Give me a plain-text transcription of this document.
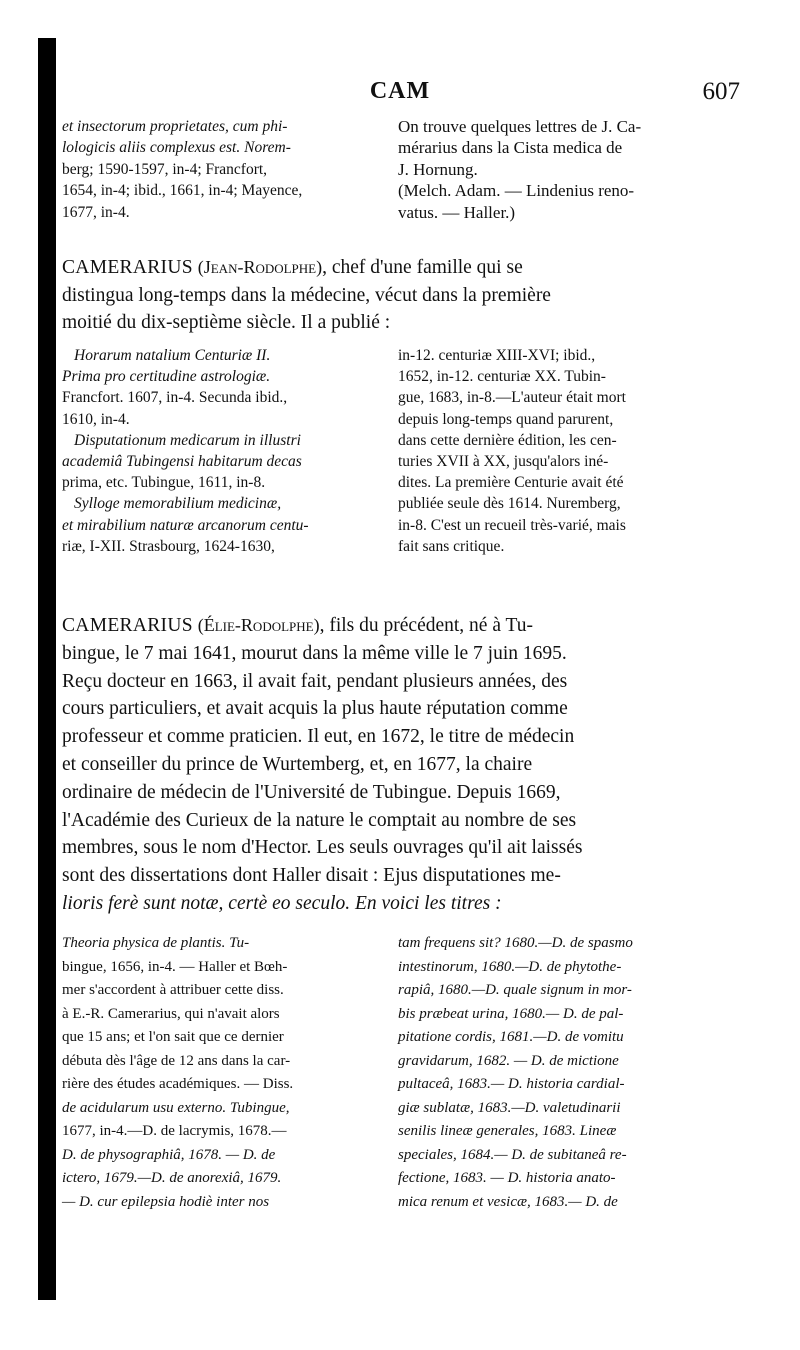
CAM	607
et insectorum proprietates, cum phi-
lologicis aliis complexus est. Norem-
berg; 1590-1597, in-4; Francfort,
1654, in-4; ibid., 1661, in-4; Mayence,
1677, in-4.
On trouve quelques lettres de J. Ca-
mérarius dans la Cista medica de
J. Hornung.
(Melch. Adam. — Lindenius reno-
vatus. — Haller.)

CAMERARIUS (Jean-Rodolphe), chef d'une famille qui se
distingua long-temps dans la médecine, vécut dans la première
moitié du dix-septième siècle. Il a publié :

Horarum natalium Centuriæ II.

Prima pro certitudine astrologiæ.

Francfort. 1607, in-4. Secunda ibid.,

1610, in-4.

Disputationum medicarum in illustri

academiâ Tubingensi habitarum decas

prima, etc. Tubingue, 1611, in-8.

Sylloge memorabilium medicinæ,

et mirabilium naturæ arcanorum centu-

riæ, I-XII. Strasbourg, 1624-1630,

in-12. centuriæ XIII-XVI; ibid.,
1652, in-12. centuriæ XX. Tubin-
gue, 1683, in-8.—L'auteur était mort
depuis long-temps quand parurent,
dans cette dernière édition, les cen-
turies XVII à XX, jusqu'alors iné-
dites. La première Centurie avait été
publiée seule dès 1614. Nuremberg,
in-8. C'est un recueil très-varié, mais
fait sans critique.

CAMERARIUS (Élie-Rodolphe), fils du précédent, né à Tu-
bingue, le 7 mai 1641, mourut dans la même ville le 7 juin 1695.
Reçu docteur en 1663, il avait fait, pendant plusieurs années, des
cours particuliers, et avait acquis la plus haute réputation comme
professeur et comme praticien. Il eut, en 1672, le titre de médecin
et conseiller du prince de Wurtemberg, et, en 1677, la chaire
ordinaire de médecin de l'Université de Tubingue. Depuis 1669,
l'Académie des Curieux de la nature le comptait au nombre de ses
membres, sous le nom d'Hector. Les seuls ouvrages qu'il ait laissés
sont des dissertations dont Haller disait : Ejus disputationes me-
lioris ferè sunt notæ, certè eo seculo. En voici les titres :

Theoria physica de plantis. Tu-
bingue, 1656, in-4. — Haller et Bœh-
mer s'accordent à attribuer cette diss.
à E.-R. Camerarius, qui n'avait alors
que 15 ans; et l'on sait que ce dernier
débuta dès l'âge de 12 ans dans la car-
rière des études académiques. — Diss.
de acidularum usu externo. Tubingue,
1677, in-4.—D. de lacrymis, 1678.—
D. de physographiâ, 1678. — D. de
ictero, 1679.—D. de anorexiâ, 1679.
— D. cur epilepsia hodiè inter nos
tam frequens sit? 1680.—D. de spasmo
intestinorum, 1680.—D. de phytothe-
rapiâ, 1680.—D. quale signum in mor-
bis præbeat urina, 1680.— D. de pal-
pitatione cordis, 1681.—D. de vomitu
gravidarum, 1682. — D. de mictione
pultaceâ, 1683.— D. historia cardial-
giæ sublatæ, 1683.—D. valetudinarii
senilis lineæ generales, 1683. Lineæ
speciales, 1684.— D. de subitaneâ re-
fectione, 1683. — D. historia anato-
mica renum et vesicæ, 1683.— D. de
